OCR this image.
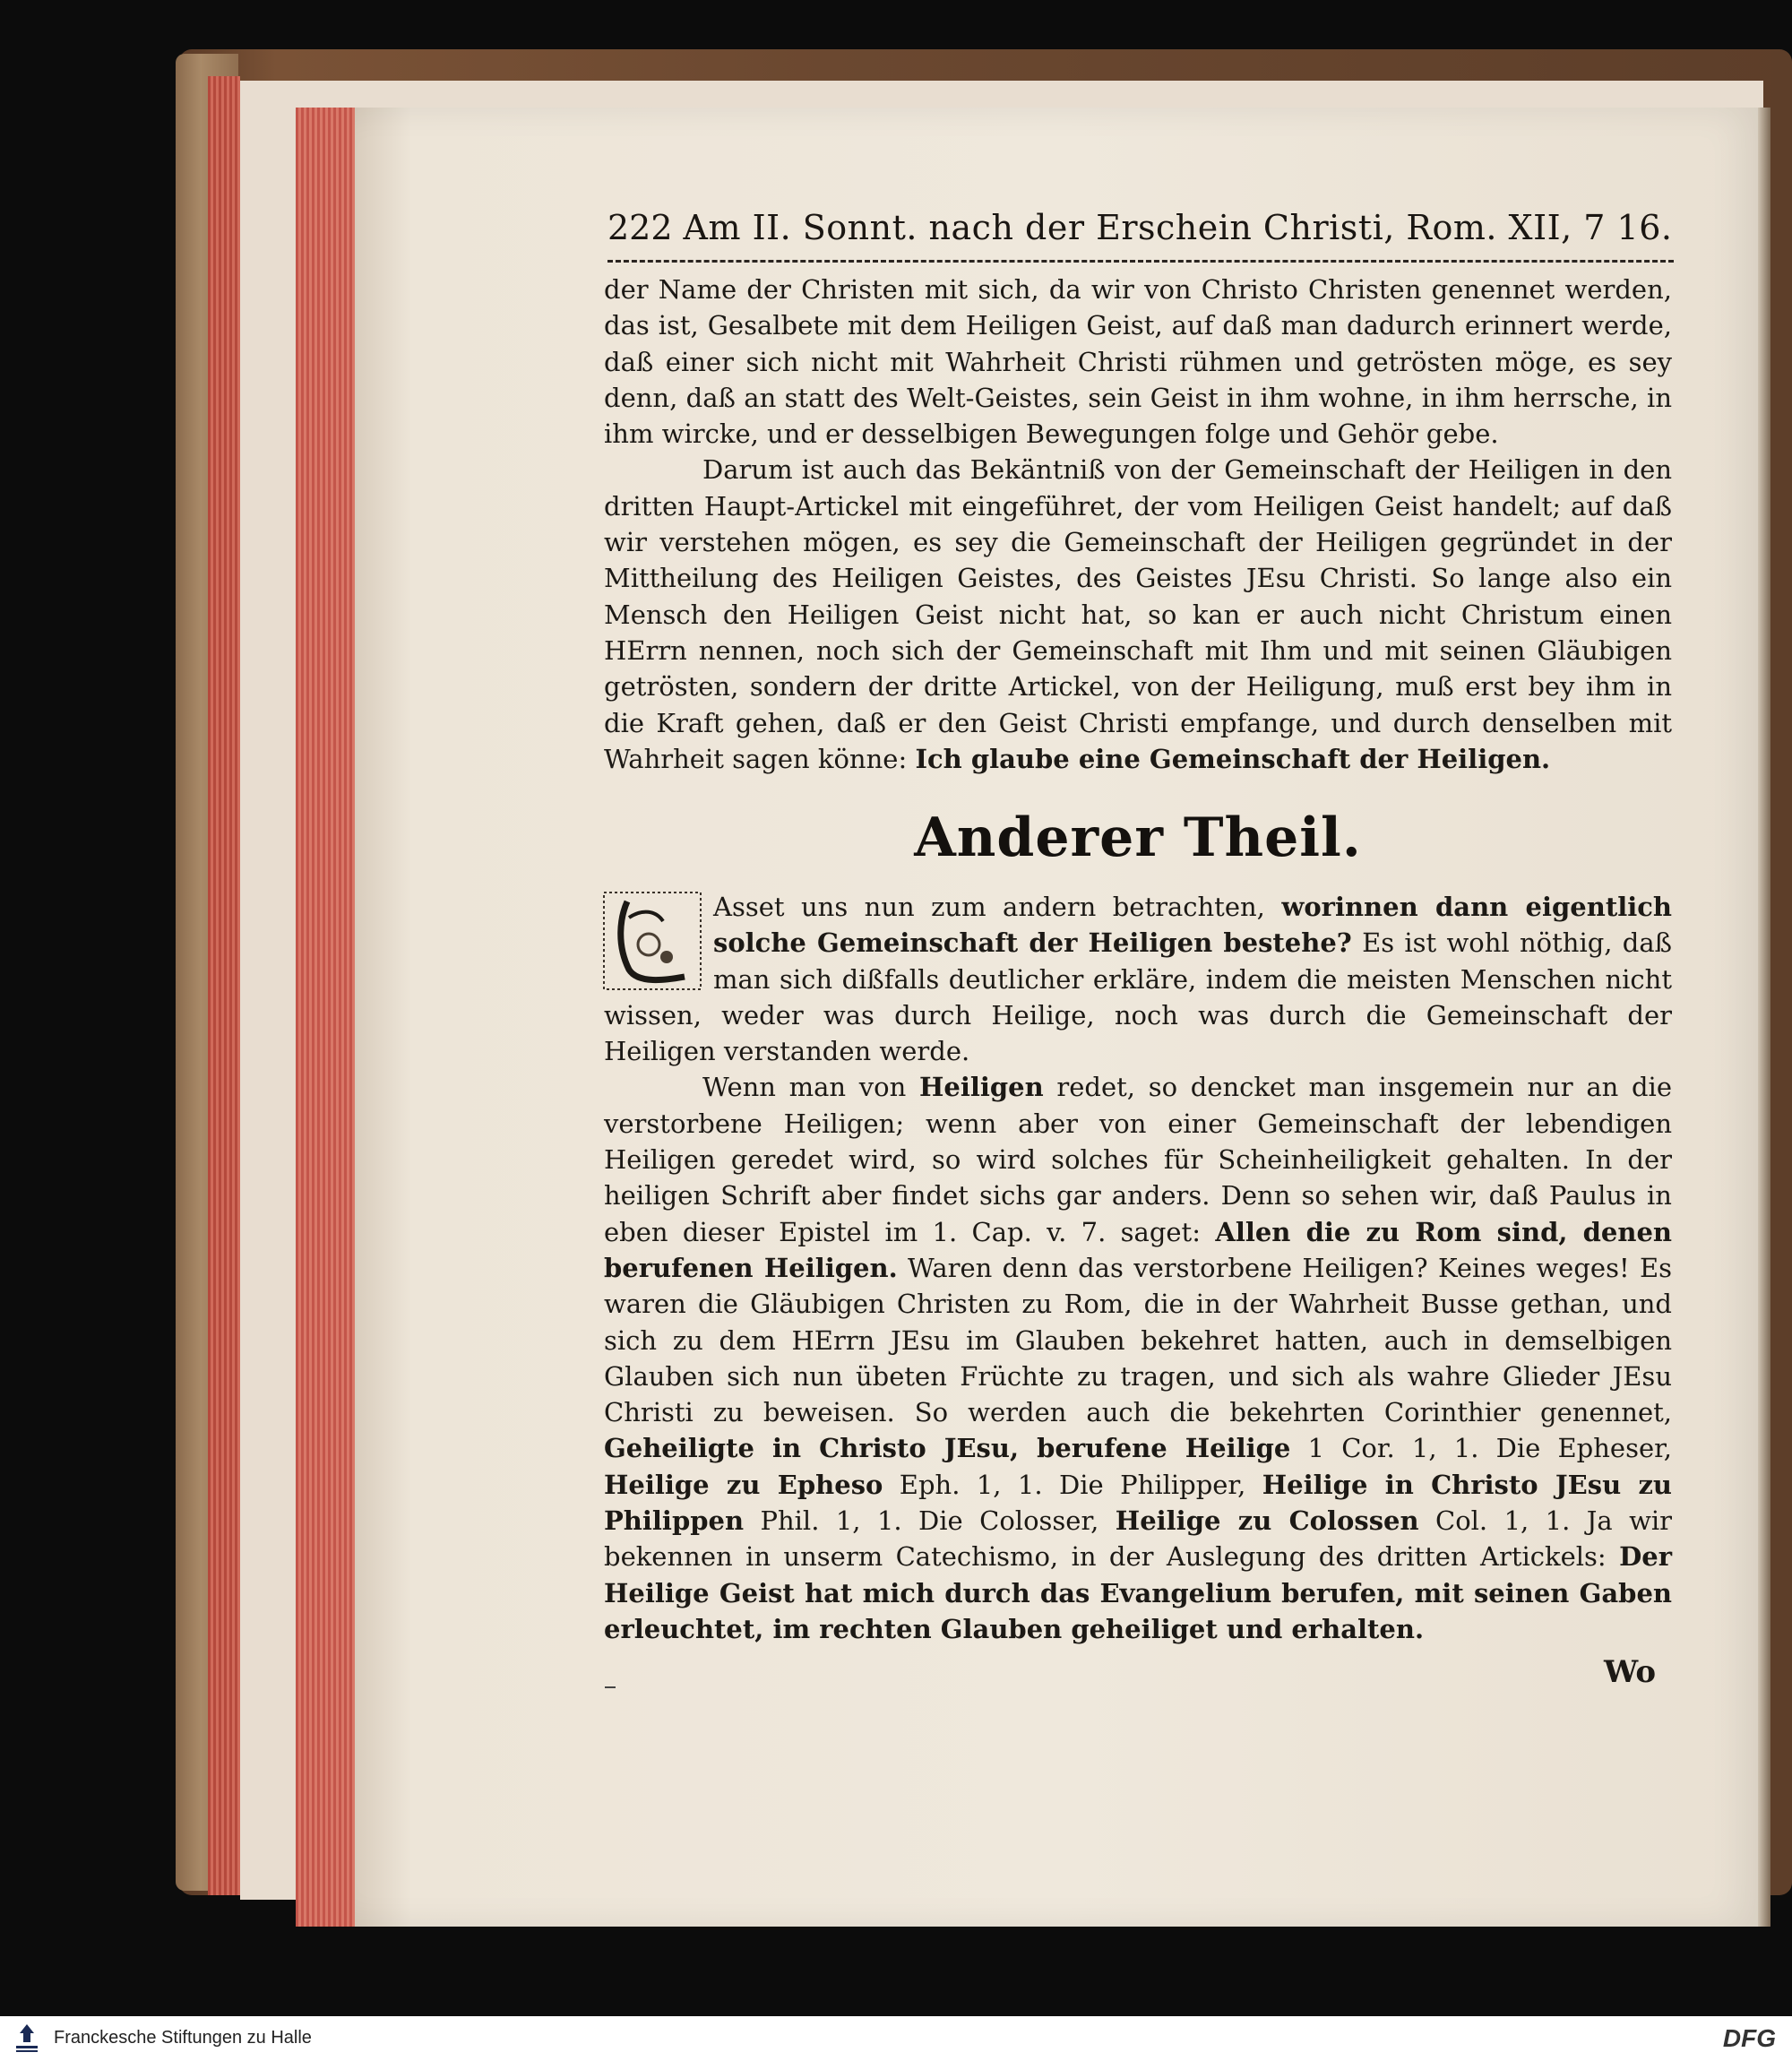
222 Am II. Sonnt. nach der Erschein Christi, Rom. XII, 7 16.

der Name der Christen mit sich, da wir von Christo Christen genennet werden, das ist, Gesalbete mit dem Heiligen Geist, auf daß man dadurch erinnert werde, daß einer sich nicht mit Wahrheit Christi rühmen und getrösten möge, es sey denn, daß an statt des Welt-Geistes, sein Geist in ihm wohne, in ihm herrsche, in ihm wircke, und er desselbigen Bewegungen folge und Gehör gebe.

Darum ist auch das Bekäntniß von der Gemeinschaft der Heiligen in den dritten Haupt-Artickel mit eingeführet, der vom Heiligen Geist handelt; auf daß wir verstehen mögen, es sey die Gemeinschaft der Heiligen gegründet in der Mittheilung des Heiligen Geistes, des Geistes JEsu Christi. So lange also ein Mensch den Heiligen Geist nicht hat, so kan er auch nicht Christum einen HErrn nennen, noch sich der Gemeinschaft mit Ihm und mit seinen Gläubigen getrösten, sondern der dritte Artickel, von der Heiligung, muß erst bey ihm in die Kraft gehen, daß er den Geist Christi empfange, und durch denselben mit Wahrheit sagen könne: Ich glaube eine Gemeinschaft der Heiligen.

Anderer Theil.

L
Asset uns nun zum andern betrachten, worinnen dann eigentlich solche Gemeinschaft der Heiligen bestehe? Es ist wohl nöthig, daß man sich dißfalls deutlicher erkläre, indem die meisten Menschen nicht wissen, weder was durch Heilige, noch was durch die Gemeinschaft der Heiligen verstanden werde.

Wenn man von Heiligen redet, so dencket man insgemein nur an die verstorbene Heiligen; wenn aber von einer Gemeinschaft der lebendigen Heiligen geredet wird, so wird solches für Scheinheiligkeit gehalten. In der heiligen Schrift aber findet sichs gar anders. Denn so sehen wir, daß Paulus in eben dieser Epistel im 1. Cap. v. 7. saget: Allen die zu Rom sind, denen berufenen Heiligen. Waren denn das verstorbene Heiligen? Keines weges! Es waren die Gläubigen Christen zu Rom, die in der Wahrheit Busse gethan, und sich zu dem HErrn JEsu im Glauben bekehret hatten, auch in demselbigen Glauben sich nun übeten Früchte zu tragen, und sich als wahre Glieder JEsu Christi zu beweisen. So werden auch die bekehrten Corinthier genennet, Geheiligte in Christo JEsu, berufene Heilige 1 Cor. 1, 1. Die Epheser, Heilige zu Epheso Eph. 1, 1. Die Philipper, Heilige in Christo JEsu zu Philippen Phil. 1, 1. Die Colosser, Heilige zu Colossen Col. 1, 1. Ja wir bekennen in unserm Catechismo, in der Auslegung des dritten Artickels: Der Heilige Geist hat mich durch das Evangelium berufen, mit seinen Gaben erleuchtet, im rechten Glauben geheiliget und erhalten.

Wo
Franckesche Stiftungen zu Halle	DFG
